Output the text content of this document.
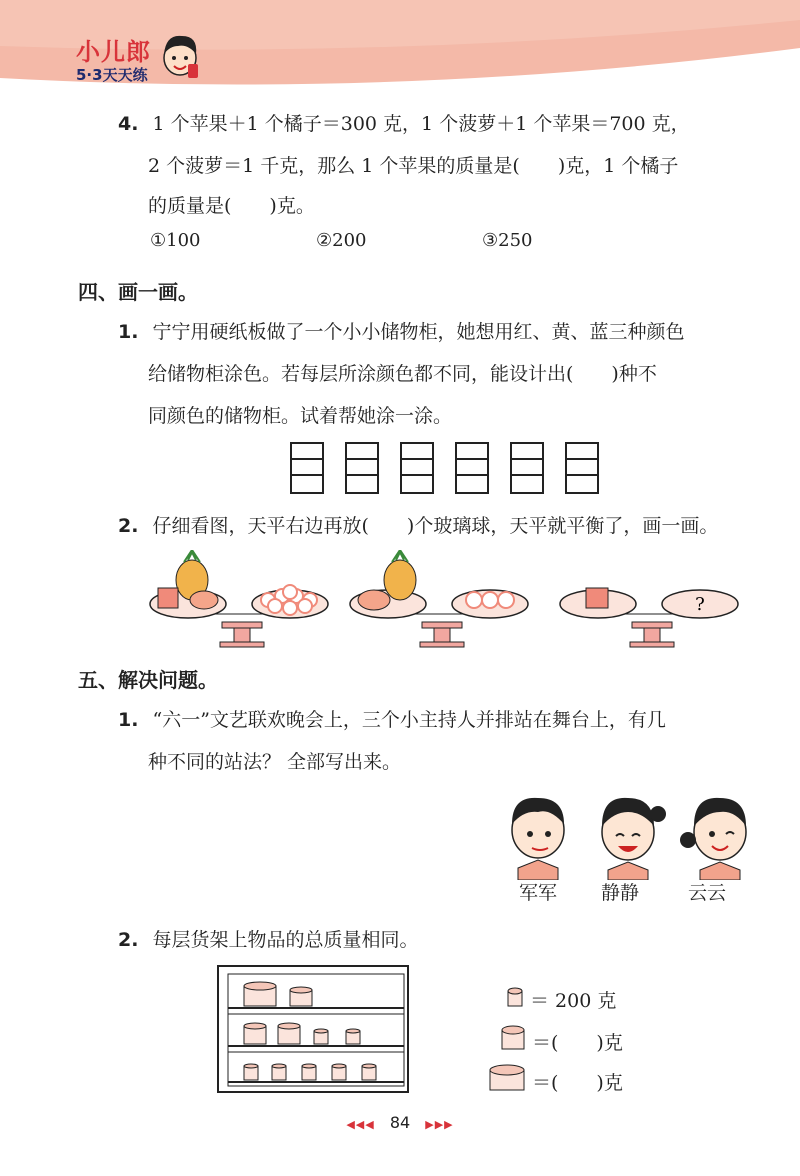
小儿郎
5·3天天练
4. 1 个苹果＋1 个橘子＝300 克，1 个菠萝＋1 个苹果＝700 克，
2 个菠萝＝1 千克，那么 1 个苹果的质量是(　　)克，1 个橘子
的质量是(　　)克。
①100	②200	③250
四、画一画。
1. 宁宁用硬纸板做了一个小小储物柜，她想用红、黄、蓝三种颜色
给储物柜涂色。若每层所涂颜色都不同，能设计出(　　)种不
同颜色的储物柜。试着帮她涂一涂。
2. 仔细看图，天平右边再放(　　)个玻璃球，天平就平衡了，画一画。
?
五、解决问题。
1. “六一”文艺联欢晚会上，三个小主持人并排站在舞台上，有几
种不同的站法？ 全部写出来。
军军 静静	云云
2. 每层货架上物品的总质量相同。
＝ 200 克
＝(　　)克
＝(　　)克
◀◀◀ 84 ▶▶▶
